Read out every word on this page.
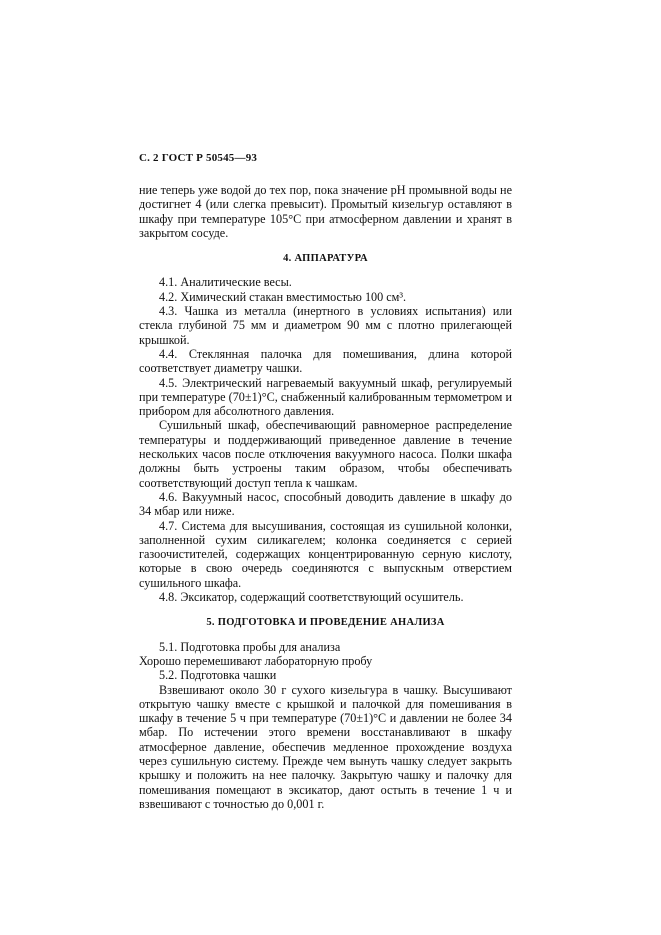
С. 2 ГОСТ Р 50545—93

ние теперь уже водой до тех пор, пока значение pH промывной воды не достигнет 4 (или слегка превысит). Промытый кизельгур оставляют в шкафу при температуре 105°С при атмосферном давлении и хранят в закрытом сосуде.

4. АППАРАТУРА

4.1. Аналитические весы.

4.2. Химический стакан вместимостью 100 см³.

4.3. Чашка из металла (инертного в условиях испытания) или стекла глубиной 75 мм и диаметром 90 мм с плотно прилегающей крышкой.

4.4. Стеклянная палочка для помешивания, длина которой соответствует диаметру чашки.

4.5. Электрический нагреваемый вакуумный шкаф, регулируемый при температуре (70±1)°С, снабженный калиброванным термометром и прибором для абсолютного давления.

Сушильный шкаф, обеспечивающий равномерное распределение температуры и поддерживающий приведенное давление в течение нескольких часов после отключения вакуумного насоса. Полки шкафа должны быть устроены таким образом, чтобы обеспечивать соответствующий доступ тепла к чашкам.

4.6. Вакуумный насос, способный доводить давление в шкафу до 34 мбар или ниже.

4.7. Система для высушивания, состоящая из сушильной колонки, заполненной сухим силикагелем; колонка соединяется с серией газоочистителей, содержащих концентрированную серную кислоту, которые в свою очередь соединяются с выпускным отверстием сушильного шкафа.

4.8. Эксикатор, содержащий соответствующий осушитель.

5. ПОДГОТОВКА И ПРОВЕДЕНИЕ АНАЛИЗА

5.1. Подготовка пробы для анализа

Хорошо перемешивают лабораторную пробу

5.2. Подготовка чашки

Взвешивают около 30 г сухого кизельгура в чашку. Высушивают открытую чашку вместе с крышкой и палочкой для помешивания в шкафу в течение 5 ч при температуре (70±1)°С и давлении не более 34 мбар. По истечении этого времени восстанавливают в шкафу атмосферное давление, обеспечив медленное прохождение воздуха через сушильную систему. Прежде чем вынуть чашку следует закрыть крышку и положить на нее палочку. Закрытую чашку и палочку для помешивания помещают в эксикатор, дают остыть в течение 1 ч и взвешивают с точностью до 0,001 г.
